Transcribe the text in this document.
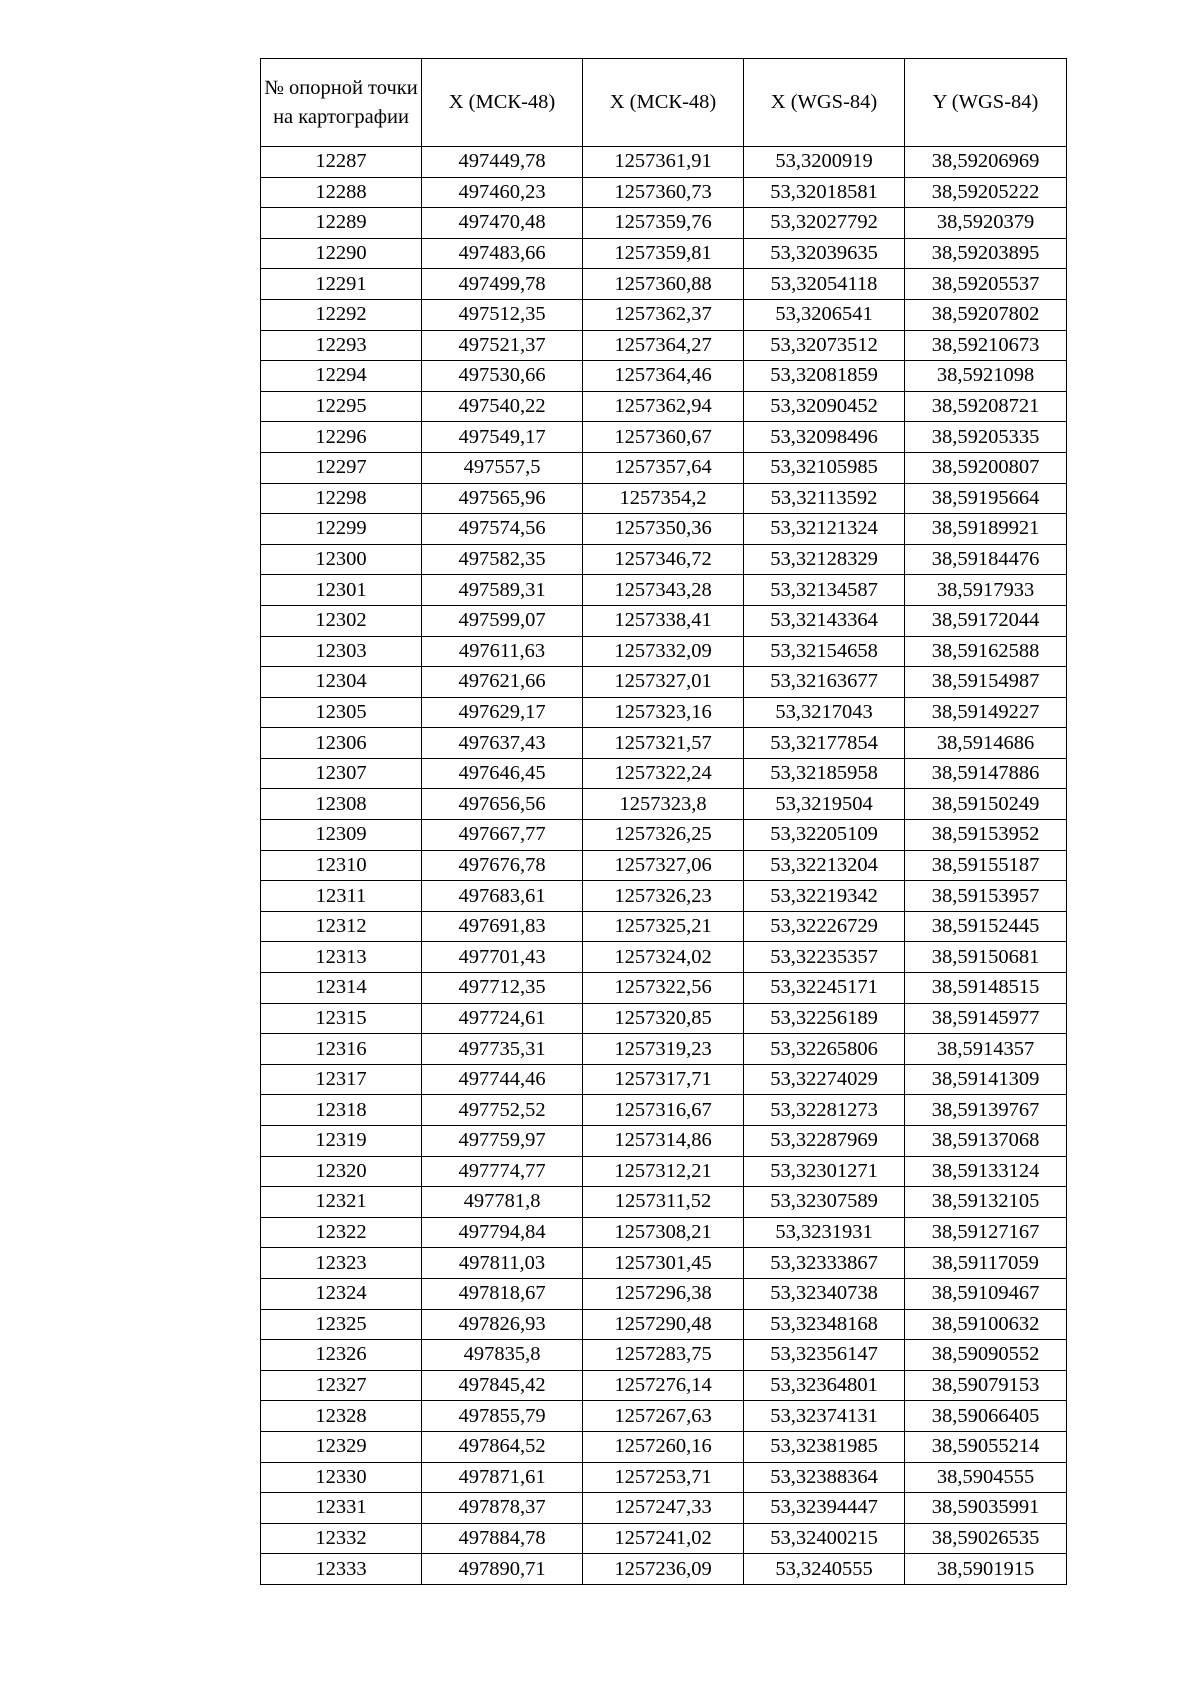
№ опорной точки на картографии	X (МСК-48)	X (МСК-48)	X (WGS-84)	Y (WGS-84)
12287	497449,78	1257361,91	53,3200919	38,59206969
12288	497460,23	1257360,73	53,32018581	38,59205222
12289	497470,48	1257359,76	53,32027792	38,5920379
12290	497483,66	1257359,81	53,32039635	38,59203895
12291	497499,78	1257360,88	53,32054118	38,59205537
12292	497512,35	1257362,37	53,3206541	38,59207802
12293	497521,37	1257364,27	53,32073512	38,59210673
12294	497530,66	1257364,46	53,32081859	38,5921098
12295	497540,22	1257362,94	53,32090452	38,59208721
12296	497549,17	1257360,67	53,32098496	38,59205335
12297	497557,5	1257357,64	53,32105985	38,59200807
12298	497565,96	1257354,2	53,32113592	38,59195664
12299	497574,56	1257350,36	53,32121324	38,59189921
12300	497582,35	1257346,72	53,32128329	38,59184476
12301	497589,31	1257343,28	53,32134587	38,5917933
12302	497599,07	1257338,41	53,32143364	38,59172044
12303	497611,63	1257332,09	53,32154658	38,59162588
12304	497621,66	1257327,01	53,32163677	38,59154987
12305	497629,17	1257323,16	53,3217043	38,59149227
12306	497637,43	1257321,57	53,32177854	38,5914686
12307	497646,45	1257322,24	53,32185958	38,59147886
12308	497656,56	1257323,8	53,3219504	38,59150249
12309	497667,77	1257326,25	53,32205109	38,59153952
12310	497676,78	1257327,06	53,32213204	38,59155187
12311	497683,61	1257326,23	53,32219342	38,59153957
12312	497691,83	1257325,21	53,32226729	38,59152445
12313	497701,43	1257324,02	53,32235357	38,59150681
12314	497712,35	1257322,56	53,32245171	38,59148515
12315	497724,61	1257320,85	53,32256189	38,59145977
12316	497735,31	1257319,23	53,32265806	38,5914357
12317	497744,46	1257317,71	53,32274029	38,59141309
12318	497752,52	1257316,67	53,32281273	38,59139767
12319	497759,97	1257314,86	53,32287969	38,59137068
12320	497774,77	1257312,21	53,32301271	38,59133124
12321	497781,8	1257311,52	53,32307589	38,59132105
12322	497794,84	1257308,21	53,3231931	38,59127167
12323	497811,03	1257301,45	53,32333867	38,59117059
12324	497818,67	1257296,38	53,32340738	38,59109467
12325	497826,93	1257290,48	53,32348168	38,59100632
12326	497835,8	1257283,75	53,32356147	38,59090552
12327	497845,42	1257276,14	53,32364801	38,59079153
12328	497855,79	1257267,63	53,32374131	38,59066405
12329	497864,52	1257260,16	53,32381985	38,59055214
12330	497871,61	1257253,71	53,32388364	38,5904555
12331	497878,37	1257247,33	53,32394447	38,59035991
12332	497884,78	1257241,02	53,32400215	38,59026535
12333	497890,71	1257236,09	53,3240555	38,5901915
